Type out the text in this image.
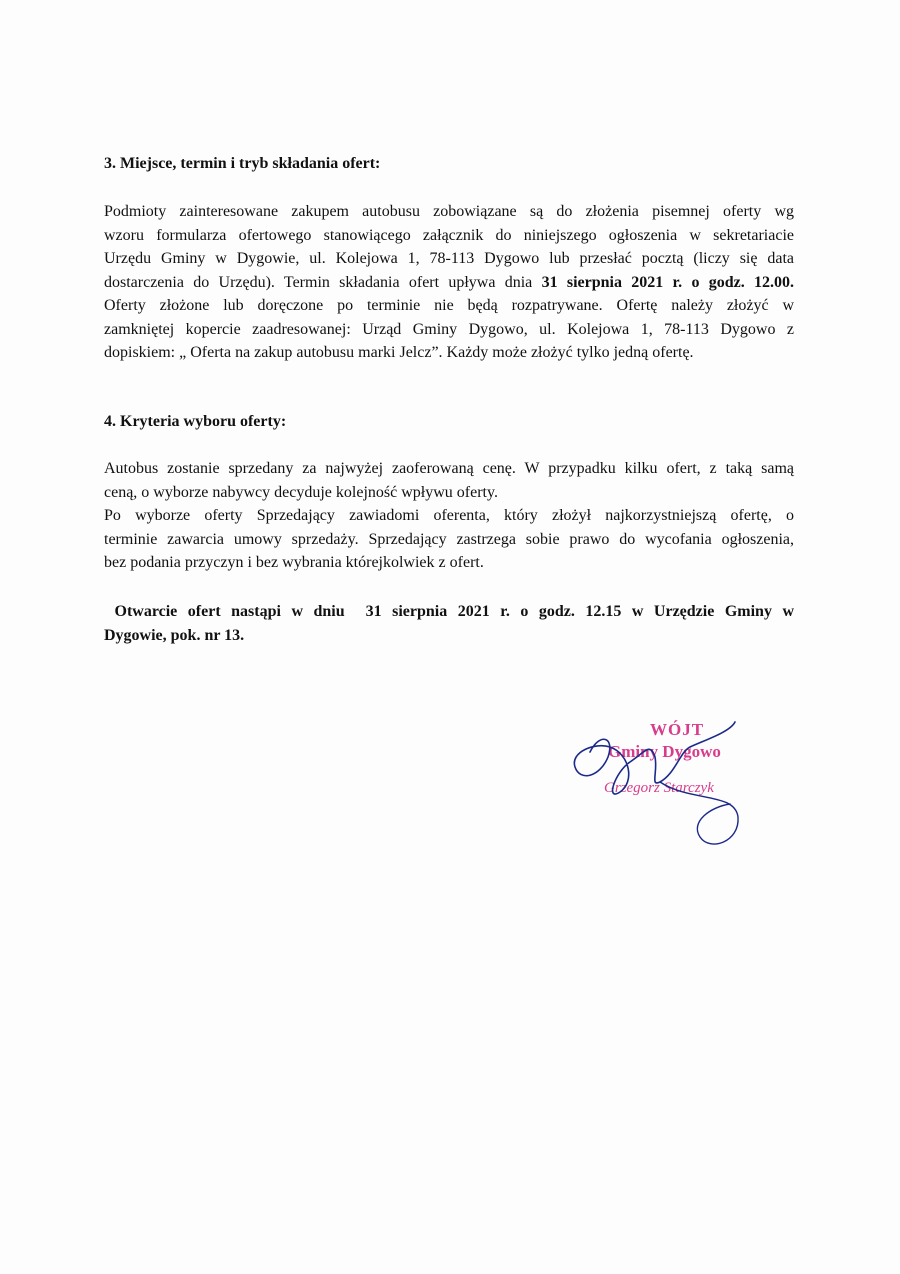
3. Miejsce, termin i tryb składania ofert:
Podmioty zainteresowane zakupem autobusu zobowiązane są do złożenia pisemnej oferty wg
wzoru formularza ofertowego stanowiącego załącznik do niniejszego ogłoszenia w sekretariacie
Urzędu Gminy w Dygowie, ul. Kolejowa 1, 78-113 Dygowo lub przesłać pocztą (liczy się data
dostarczenia do Urzędu). Termin składania ofert upływa dnia 31 sierpnia 2021 r. o godz. 12.00.
Oferty złożone lub doręczone po terminie nie będą rozpatrywane. Ofertę należy złożyć w
zamkniętej kopercie zaadresowanej: Urząd Gminy Dygowo, ul. Kolejowa 1, 78-113 Dygowo z
dopiskiem: „ Oferta na zakup autobusu marki Jelcz”. Każdy może złożyć tylko jedną ofertę.
4. Kryteria wyboru oferty:
Autobus zostanie sprzedany za najwyżej zaoferowaną cenę. W przypadku kilku ofert, z taką samą
ceną, o wyborze nabywcy decyduje kolejność wpływu oferty.
Po wyborze oferty Sprzedający zawiadomi oferenta, który złożył najkorzystniejszą ofertę, o
terminie zawarcia umowy sprzedaży. Sprzedający zastrzega sobie prawo do wycofania ogłoszenia,
bez podania przyczyn i bez wybrania którejkolwiek z ofert.
Otwarcie ofert nastąpi w dniu  31 sierpnia 2021 r. o godz. 12.15 w Urzędzie Gminy w
Dygowie, pok. nr 13.
WÓJT
Gminy Dygowo
Grzegorz Starczyk
